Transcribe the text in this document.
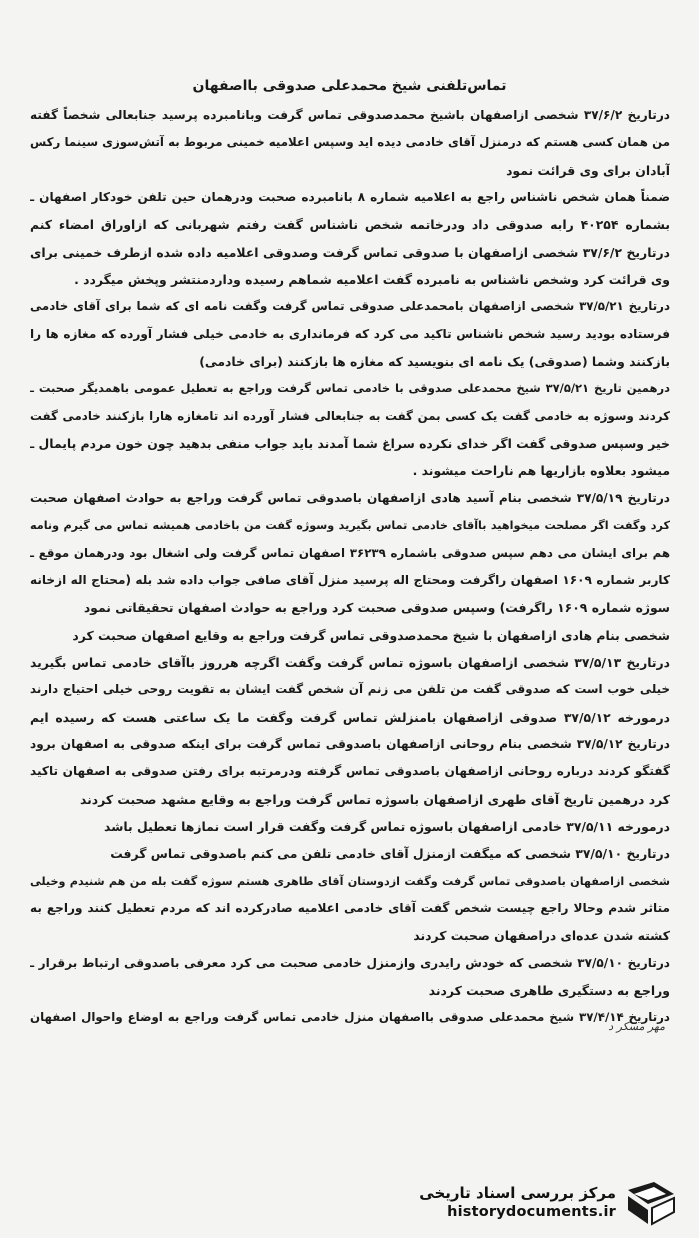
تماس‌تلفنی شیخ محمدعلی صدوقی بااصفهان
درتاریخ ۳۷/۶/۲ شخصی ازاصفهان باشیخ محمدصدوقی تماس گرفت وبانامبرده پرسید جنابعالی شخصاً گفته
من همان کسی هستم که درمنزل آقای خادمی دیده اید وسپس اعلامیه خمینی مربوط به آتش‌سوزی سینما رکس
آبادان برای وی قرائت نمود
ضمناً همان شخص ناشناس راجع به اعلامیه شماره ۸ بانامبرده صحبت ودرهمان حین تلفن خودکار اصفهان ـ
بشماره ۴۰۲۵۴ رابه صدوقی داد ودرخاتمه شخص ناشناس گفت رفتم شهربانی که ازاوراق امضاء کنم
درتاریخ ۳۷/۶/۲ شخصی ازاصفهان با صدوقی تماس گرفت وصدوقی اعلامیه داده شده ازطرف خمینی برای
وی قرائت کرد وشخص ناشناس به نامبرده گفت اعلامیه شماهم رسیده وداردمنتشر وپخش میگردد .
درتاریخ ۳۷/۵/۲۱ شخصی ازاصفهان بامحمدعلی صدوقی تماس گرفت وگفت نامه ای که شما برای آقای خادمی
فرستاده بودید رسید شخص ناشناس تاکید می کرد که فرمانداری به خادمی خیلی فشار آورده که مغازه ها را
بازکنند وشما (صدوقی) یک نامه ای بنویسید که مغازه ها بازکنند (برای خادمی)
درهمین تاریخ ۳۷/۵/۲۱ شیخ محمدعلی صدوقی با خادمی تماس گرفت وراجع به تعطیل عمومی باهمدیگر صحبت ـ
کردند وسوژه به خادمی گفت یک کسی بمن گفت به جنابعالی فشار آورده اند تامغازه هارا بازکنند خادمی گفت
خیر وسپس صدوقی گفت اگر خدای نکرده سراغ شما آمدند باید جواب منفی بدهید چون خون مردم پایمال ـ
میشود بعلاوه بازاریها هم ناراحت میشوند .
درتاریخ ۳۷/۵/۱۹ شخصی بنام آسید هادی ازاصفهان باصدوقی تماس گرفت وراجع به حوادث اصفهان صحبت
کرد وگفت اگر مصلحت میخواهید باآقای خادمی تماس بگیرید وسوژه گفت من باخادمی همیشه تماس می گیرم ونامه
هم برای ایشان می دهم سپس صدوقی باشماره ۳۶۲۳۹ اصفهان تماس گرفت ولی اشغال بود ودرهمان موقع ـ
کاربر شماره ۱۶۰۹ اصفهان راگرفت ومحتاج اله پرسید منزل آقای صافی جواب داده شد بله (محتاج اله ازخانه
سوژه شماره ۱۶۰۹ راگرفت) وسپس صدوقی صحبت کرد وراجع به حوادث اصفهان تحقیقاتی نمود
شخصی بنام هادی ازاصفهان با شیخ محمدصدوقی تماس گرفت وراجع به وقایع اصفهان صحبت کرد
درتاریخ ۳۷/۵/۱۳ شخصی ازاصفهان باسوژه تماس گرفت وگفت اگرچه هرروز باآقای خادمی تماس بگیرید
خیلی خوب است که صدوقی گفت من تلفن می زنم آن شخص گفت ایشان به تقویت روحی خیلی احتیاج دارند
درمورخه ۳۷/۵/۱۲ صدوقی ازاصفهان بامنزلش تماس گرفت وگفت ما یک ساعتی هست که رسیده ایم
درتاریخ ۳۷/۵/۱۲ شخصی بنام روحانی ازاصفهان باصدوقی تماس گرفت برای اینکه صدوقی به اصفهان برود
گفتگو کردند درباره روحانی ازاصفهان باصدوقی تماس گرفته ودرمرتبه برای رفتن صدوقی به اصفهان تاکید
کرد درهمین تاریخ آقای طهری ازاصفهان باسوژه تماس گرفت وراجع به وقایع مشهد صحبت کردند
درمورخه ۳۷/۵/۱۱ خادمی ازاصفهان باسوژه تماس گرفت وگفت قرار است نمازها تعطیل باشد
درتاریخ ۳۷/۵/۱۰ شخصی که میگفت ازمنزل آقای خادمی تلفن می کنم باصدوقی تماس گرفت
شخصی ازاصفهان باصدوقی تماس گرفت وگفت ازدوستان آقای طاهری هستم سوژه گفت بله من هم شنیدم وخیلی
متاثر شدم وحالا راجع چیست شخص گفت آقای خادمی اعلامیه صادرکرده اند که مردم تعطیل کنند وراجع به
کشته شدن عده‌ای دراصفهان صحبت کردند
درتاریخ ۳۷/۵/۱۰ شخصی که خودش رایدری وازمنزل خادمی صحبت می کرد معرفی باصدوقی ارتباط برقرار ـ
وراجع به دستگیری طاهری صحبت کردند
درتاریخ ۳۷/۴/۱۴ شیخ محمدعلی صدوقی بااصفهان منزل خادمی تماس گرفت وراجع به اوضاع واحوال اصفهان
مهر مسکر د
مرکز بررسی اسناد تاریخی
historydocuments.ir
